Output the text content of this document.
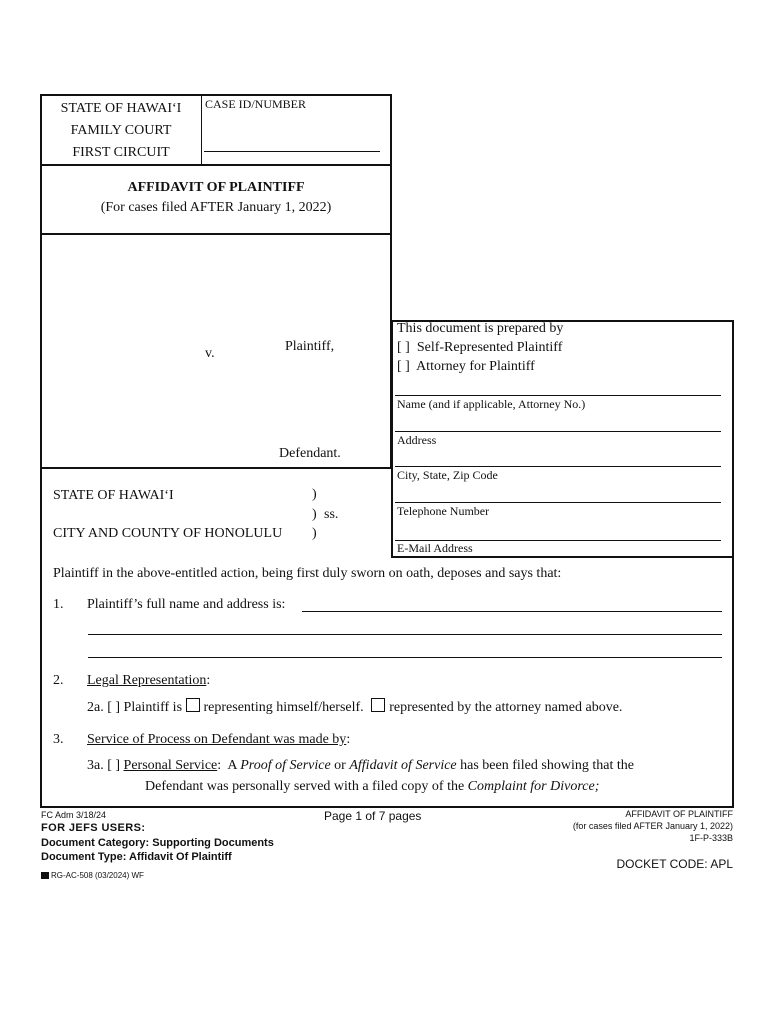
STATE OF HAWAI‘I
FAMILY COURT
FIRST CIRCUIT
CASE ID/NUMBER
AFFIDAVIT OF PLAINTIFF
(For cases filed AFTER January 1, 2022)
Plaintiff,
v.
Defendant.
This document is prepared by
[ ] Self-Represented Plaintiff
[ ] Attorney for Plaintiff
Name (and if applicable, Attorney No.)
Address
City, State, Zip Code
Telephone Number
E-Mail Address
STATE OF HAWAI‘I	)
) ss.
CITY AND COUNTY OF HONOLULU )
Plaintiff in the above-entitled action, being first duly sworn on oath, deposes and says that:
1. Plaintiff’s full name and address is:
2. Legal Representation:
2a. [ ] Plaintiff is representing himself/herself. represented by the attorney named above.
3. Service of Process on Defendant was made by:
3a. [ ] Personal Service:  A Proof of Service or Affidavit of Service has been filed showing that the
Defendant was personally served with a filed copy of the Complaint for Divorce;
FC Adm 3/18/24	Page 1 of 7 pages	AFFIDAVIT OF PLAINTIFF
(for cases filed AFTER January 1, 2022)
1F-P-333B
FOR JEFS USERS:
Document Category: Supporting Documents
Document Type: Affidavit Of Plaintiff	DOCKET CODE: APL
RG-AC-508 (03/2024) WF
